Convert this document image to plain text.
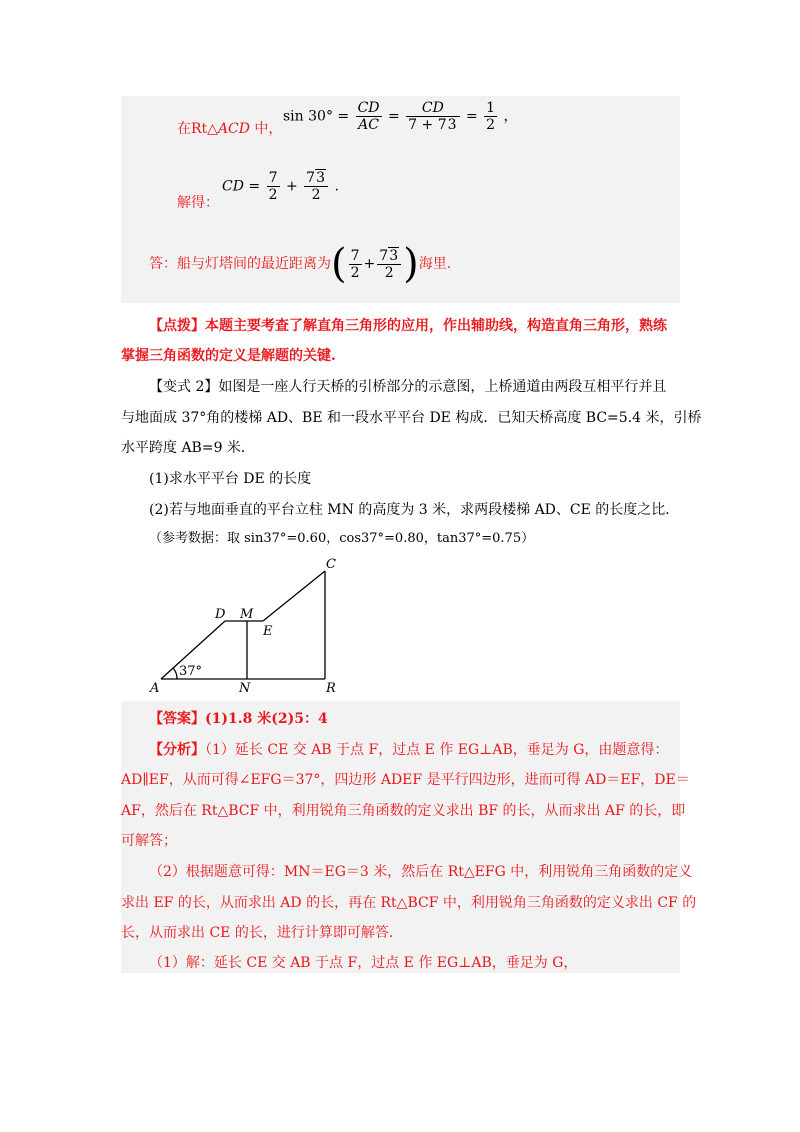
在Rt△ACD 中，
$\sin 30^\circ = \frac{CD}{AC} = \frac{CD}{7 + 73} = \frac{1}{2}$ ，
解得：
CD = $\frac{7}{2} + \frac{73}{2}$ .
答：船与灯塔间的最近距离为( $\frac{7}{2} + \frac{73}{2}$ )海里.
【点拨】本题主要考查了解直角三角形的应用，作出辅助线，构造直角三角形，熟练
掌握三角函数的定义是解题的关键.
【变式 2】如图是一座人行天桥的引桥部分的示意图，上桥通道由两段互相平行并且
与地面成 37°角的楼梯 AD、BE 和一段水平平台 DE 构成．已知天桥高度 BC=5.4 米，引桥
水平跨度 AB=9 米．
(1)求水平平台 DE 的长度
(2)若与地面垂直的平台立柱 MN 的高度为 3 米，求两段楼梯 AD、CE 的长度之比．
（参考数据：取 sin37°=0.60，cos37°=0.80，tan37°=0.75）
A	N	R
C
D M
E
37°
【答案】(1)1.8 米(2)5：4
【分析】（1）延长 CE 交 AB 于点 F，过点 E 作 EG⊥AB，垂足为 G，由题意得：
AD∥EF，从而可得∠EFG＝37°，四边形 ADEF 是平行四边形，进而可得 AD＝EF，DE＝
AF，然后在 Rt△BCF 中，利用锐角三角函数的定义求出 BF 的长，从而求出 AF 的长，即
可解答；
（2）根据题意可得：MN＝EG＝3 米，然后在 Rt△EFG 中，利用锐角三角函数的定义
求出 EF 的长，从而求出 AD 的长，再在 Rt△BCF 中，利用锐角三角函数的定义求出 CF 的
长，从而求出 CE 的长，进行计算即可解答．
（1）解：延长 CE 交 AB 于点 F，过点 E 作 EG⊥AB，垂足为 G，
